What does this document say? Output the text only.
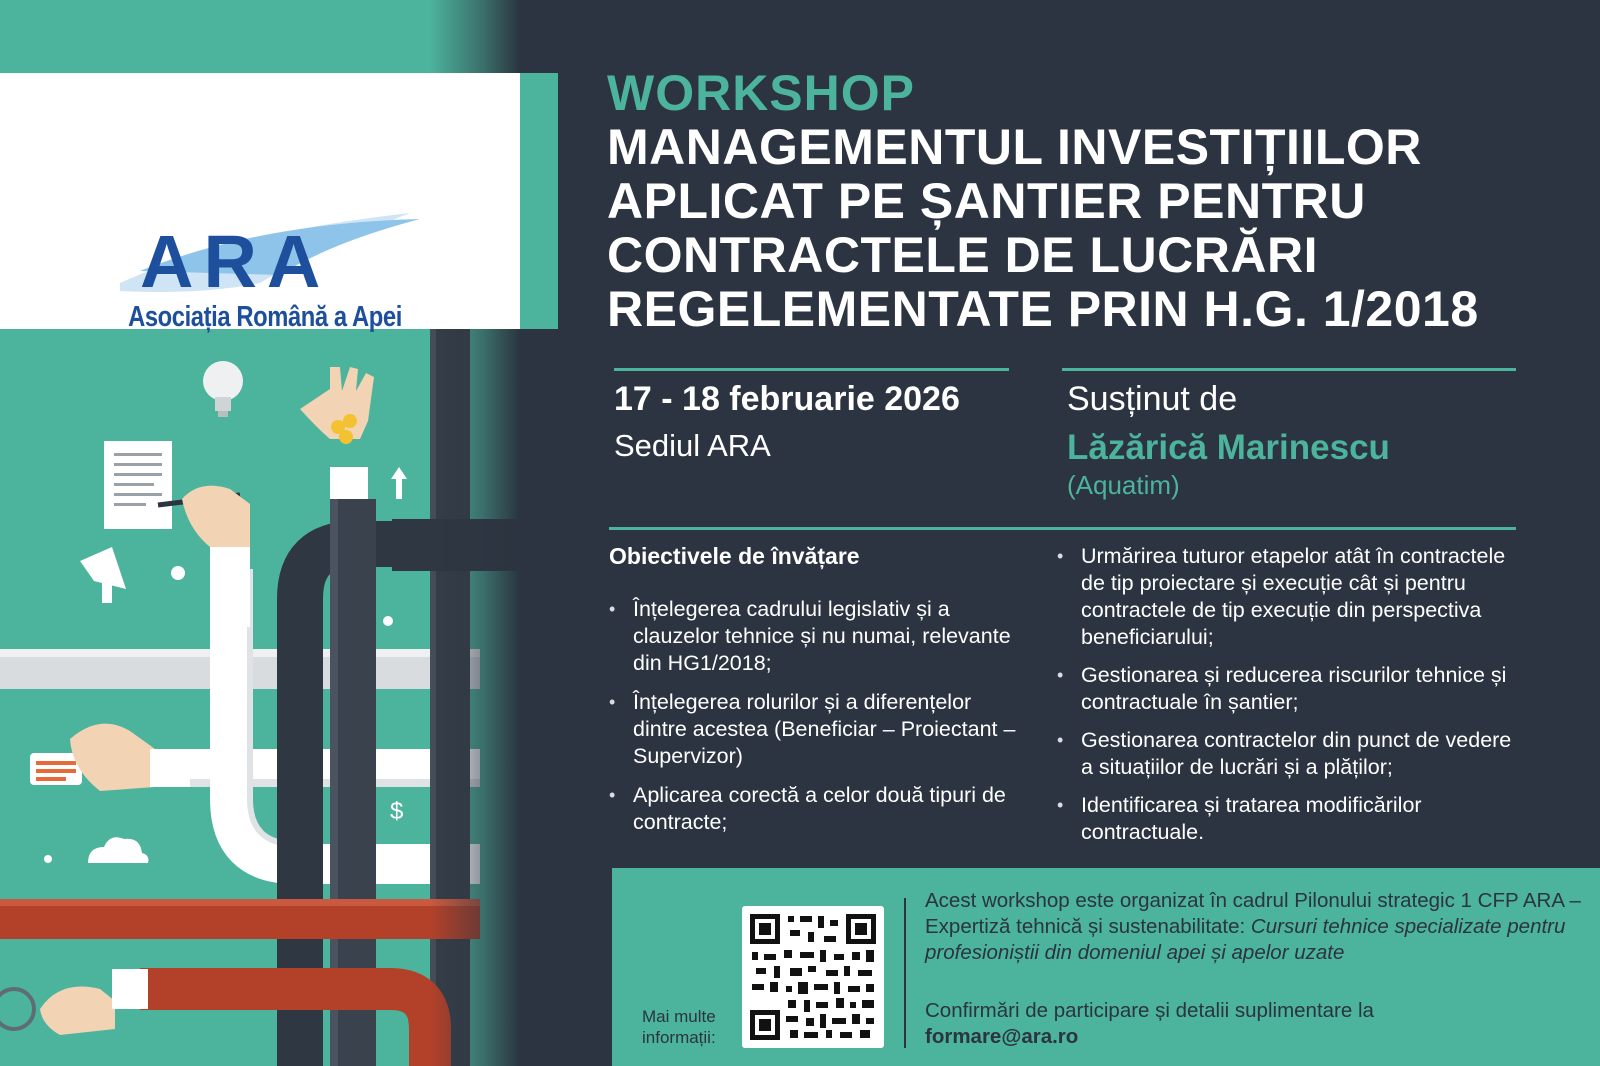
$
ARA
Asociația Română a Apei
WORKSHOP
MANAGEMENTUL INVESTIȚIILOR
APLICAT PE ȘANTIER PENTRU
CONTRACTELE DE LUCRĂRI
REGELEMENTATE PRIN H.G. 1/2018
17 - 18 februarie 2026
Sediul ARA
Susținut de
Lăzărică Marinescu
(Aquatim)
Obiectivele de învățare
• Înțelegerea cadrului legislativ și a clauzelor tehnice și nu numai, relevante din HG1/2018;
• Înțelegerea rolurilor și a diferențelor dintre acestea (Beneficiar – Proiectant – Supervizor)
• Aplicarea corectă a celor două tipuri de contracte;
• Urmărirea tuturor etapelor atât în contractele de tip proiectare și execuție cât și pentru contractele de tip execuție din perspectiva beneficiarului;
• Gestionarea și reducerea riscurilor tehnice și contractuale în șantier;
• Gestionarea contractelor din punct de vedere a situațiilor de lucrări și a plăților;
• Identificarea și tratarea modificărilor contractuale.
Mai multe informații:
Acest workshop este organizat în cadrul Pilonului strategic 1 CFP ARA – Expertiză tehnică și sustenabilitate: Cursuri tehnice specializate pentru profesioniștii din domeniul apei și apelor uzate
Confirmări de participare și detalii suplimentare la
formare@ara.ro
